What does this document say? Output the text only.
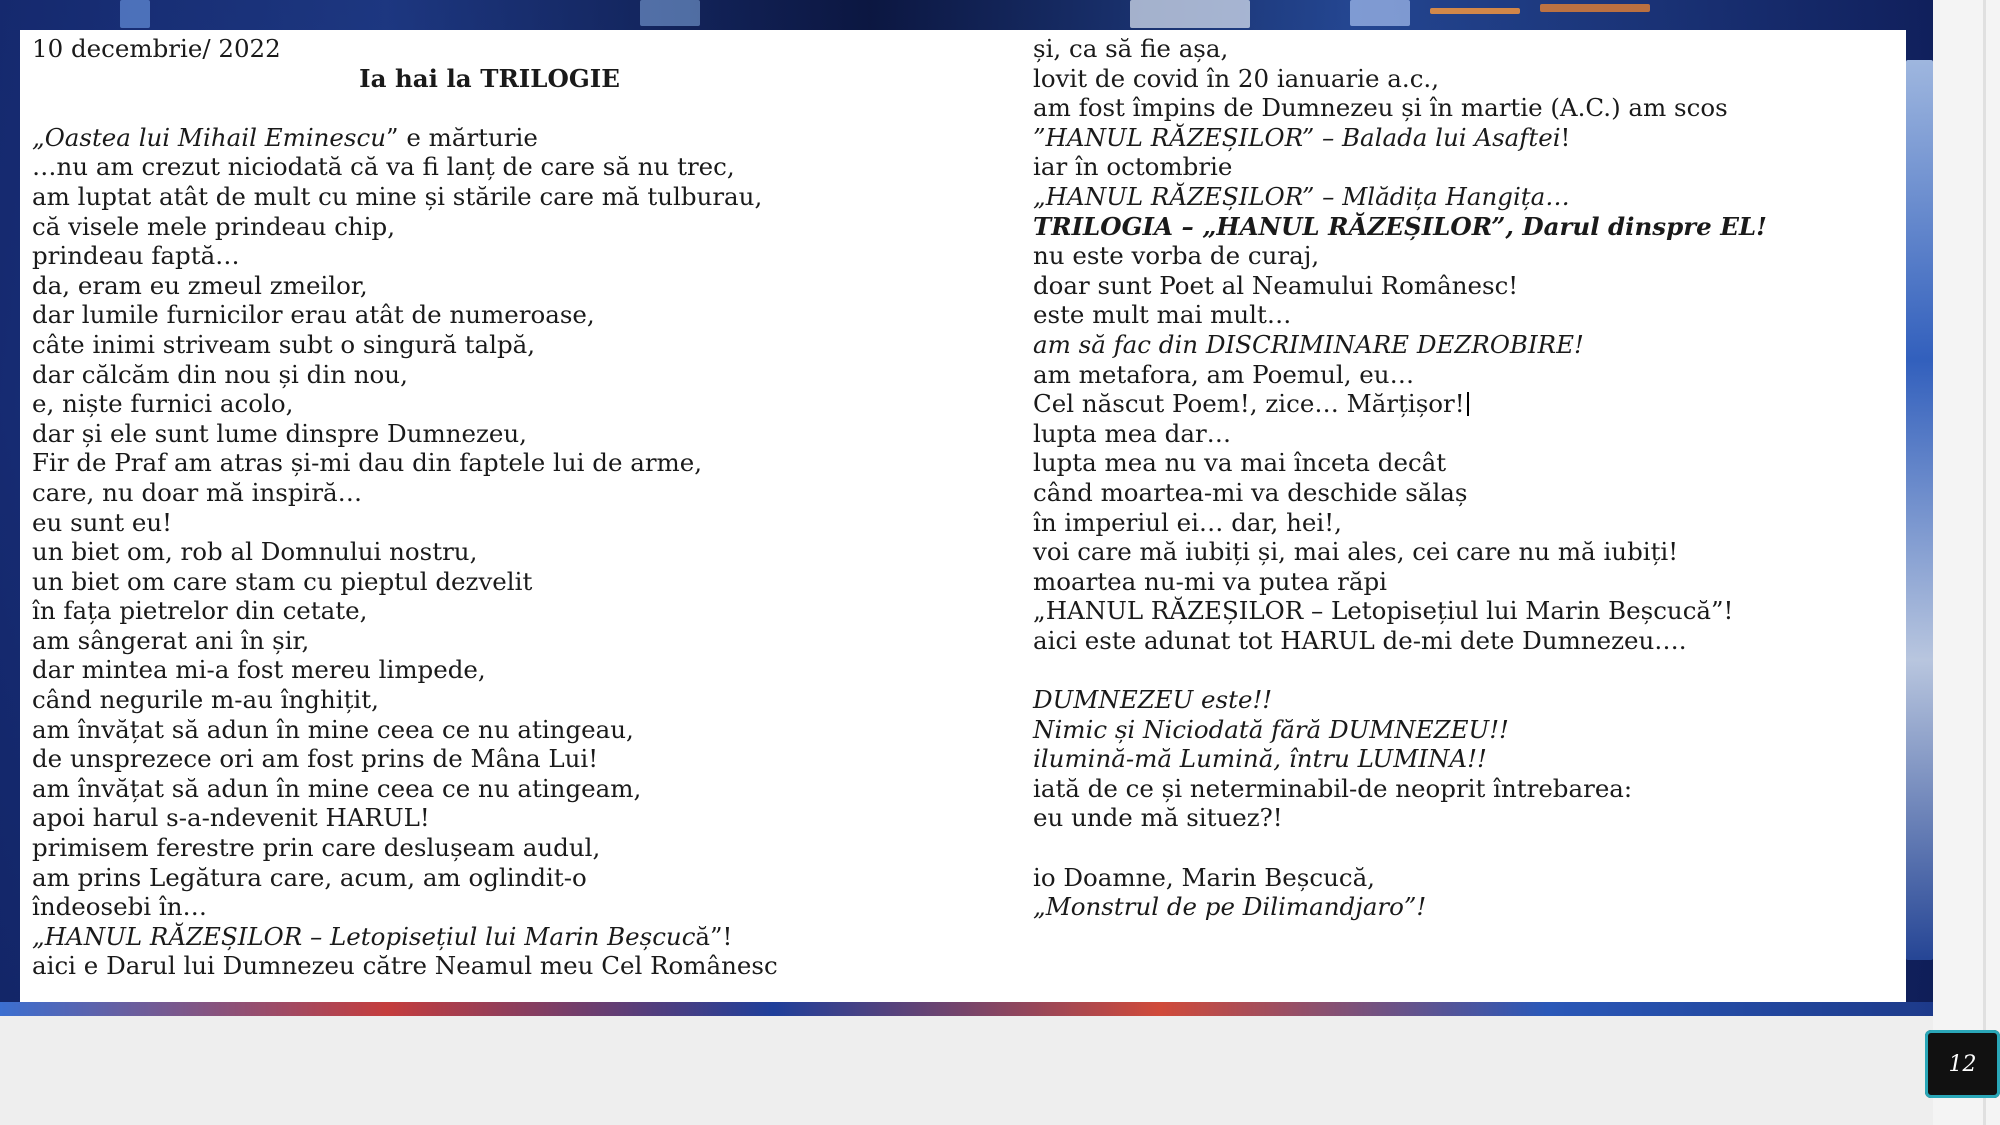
10 decembrie/ 2022
Ia hai la TRILOGIE
„Oastea lui Mihail Eminescu” e mărturie
…nu am crezut niciodată că va fi lanț de care să nu trec,
am luptat atât de mult cu mine și stările care mă tulburau,
că visele mele prindeau chip,
prindeau faptă…
da, eram eu zmeul zmeilor,
dar lumile furnicilor erau atât de numeroase,
câte inimi striveam subt o singură talpă,
dar călcăm din nou și din nou,
e, niște furnici acolo,
dar și ele sunt lume dinspre Dumnezeu,
Fir de Praf am atras și-mi dau din faptele lui de arme,
care, nu doar mă inspiră…
eu sunt eu!
un biet om, rob al Domnului nostru,
un biet om care stam cu pieptul dezvelit
în fața pietrelor din cetate,
am sângerat ani în șir,
dar mintea mi-a fost mereu limpede,
când negurile m-au înghițit,
am învățat să adun în mine ceea ce nu atingeau,
de unsprezece ori am fost prins de Mâna Lui!
am învățat să adun în mine ceea ce nu atingeam,
apoi harul s-a-ndevenit HARUL!
primisem ferestre prin care deslușeam audul,
am prins Legătura care, acum, am oglindit-o
îndeosebi în…
„HANUL RĂZEȘILOR – Letopisețiul lui Marin Beșcucă”!
aici e Darul lui Dumnezeu către Neamul meu Cel Românesc
și, ca să fie așa,
lovit de covid în 20 ianuarie a.c.,
am fost împins de Dumnezeu și în martie (A.C.) am scos
”HANUL RĂZEȘILOR” – Balada lui Asaftei!
iar în octombrie
„HANUL RĂZEȘILOR” – Mlădița Hangița…
TRILOGIA – „HANUL RĂZEȘILOR”, Darul dinspre EL!
nu este vorba de curaj,
doar sunt Poet al Neamului Românesc!
este mult mai mult…
am să fac din DISCRIMINARE DEZROBIRE!
am metafora, am Poemul, eu…
Cel născut Poem!, zice… Mărțișor!
lupta mea dar…
lupta mea nu va mai înceta decât
când moartea-mi va deschide sălaș
în imperiul ei… dar, hei!,
voi care mă iubiți și, mai ales, cei care nu mă iubiți!
moartea nu-mi va putea răpi
„HANUL RĂZEȘILOR – Letopisețiul lui Marin Beșcucă”!
aici este adunat tot HARUL de-mi dete Dumnezeu….
DUMNEZEU este!!
Nimic și Niciodată fără DUMNEZEU!!
ilumină-mă Lumină, întru LUMINA!!
iată de ce și neterminabil-de neoprit întrebarea:
eu unde mă situez?!
io Doamne, Marin Beșcucă,
„Monstrul de pe Dilimandjaro”!
12
